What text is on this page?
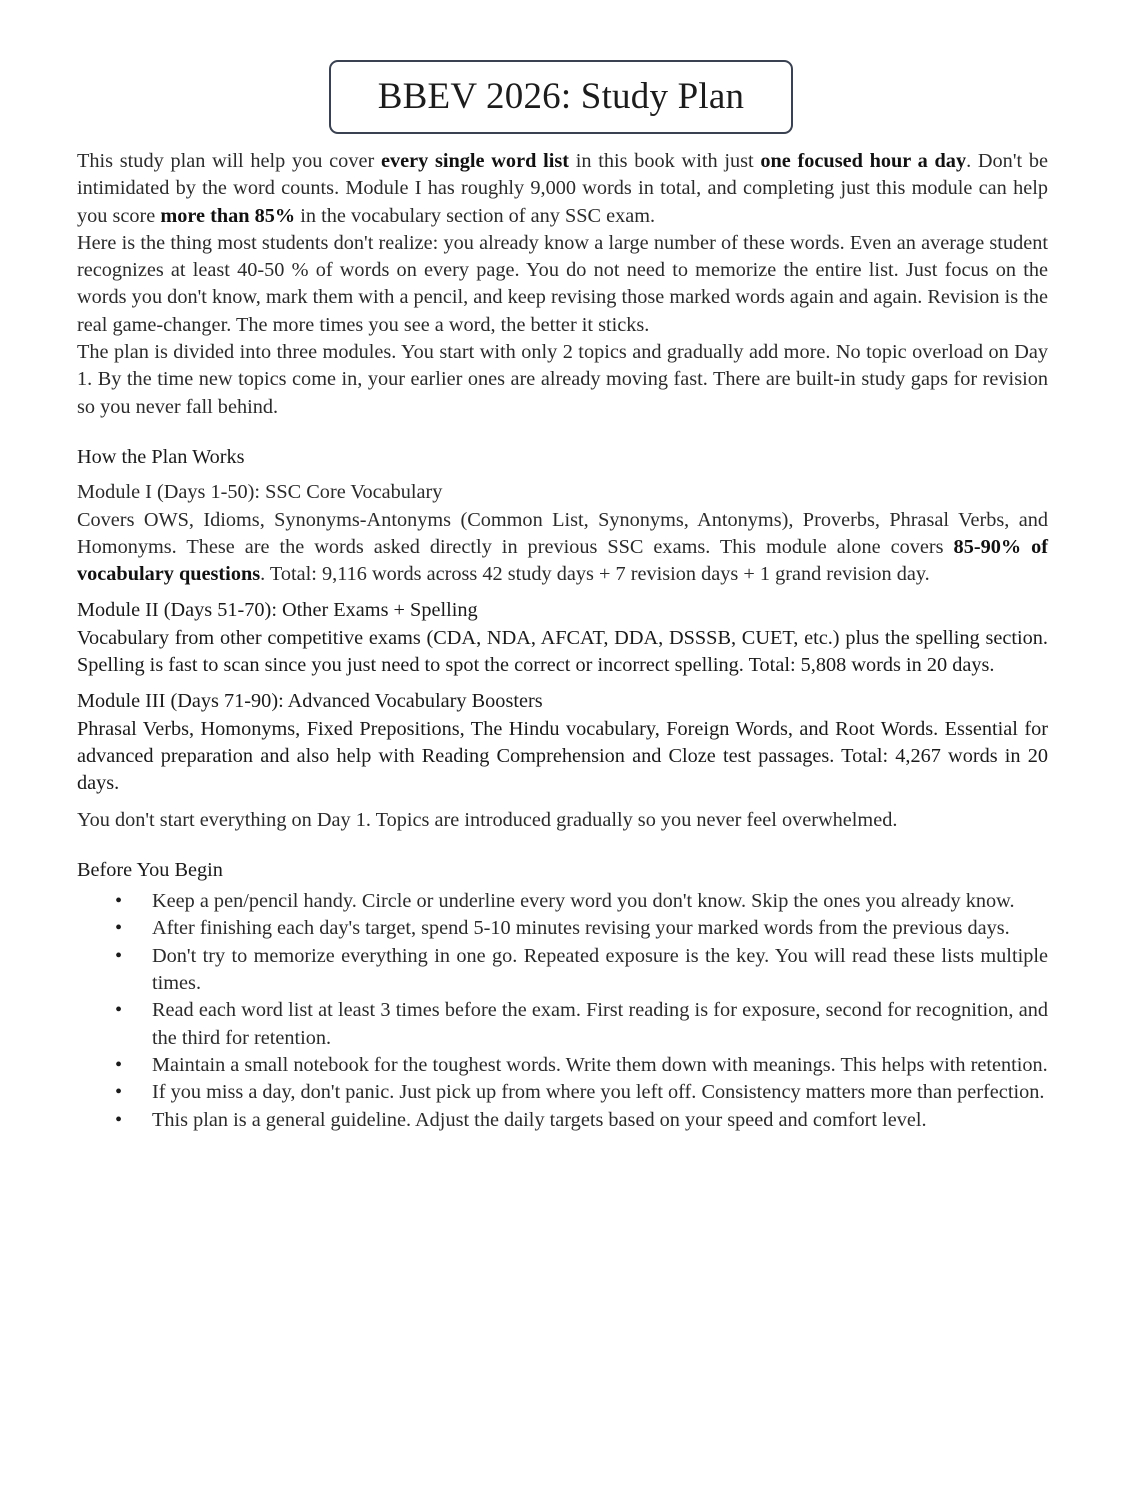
BBEV 2026: Study Plan

This study plan will help you cover every single word list in this book with just one focused hour a day. Don't be intimidated by the word counts. Module I has roughly 9,000 words in total, and completing just this module can help you score more than 85% in the vocabulary section of any SSC exam.

Here is the thing most students don't realize: you already know a large number of these words. Even an average student recognizes at least 40-50 % of words on every page. You do not need to memorize the entire list. Just focus on the words you don't know, mark them with a pencil, and keep revising those marked words again and again. Revision is the real game-changer. The more times you see a word, the better it sticks.

The plan is divided into three modules. You start with only 2 topics and gradually add more. No topic overload on Day 1. By the time new topics come in, your earlier ones are already moving fast. There are built-in study gaps for revision so you never fall behind.

How the Plan Works
Module I (Days 1-50): SSC Core Vocabulary

Covers OWS, Idioms, Synonyms-Antonyms (Common List, Synonyms, Antonyms), Proverbs, Phrasal Verbs, and Homonyms. These are the words asked directly in previous SSC exams. This module alone covers 85-90% of vocabulary questions. Total: 9,116 words across 42 study days + 7 revision days + 1 grand revision day.

Module II (Days 51-70): Other Exams + Spelling

Vocabulary from other competitive exams (CDA, NDA, AFCAT, DDA, DSSSB, CUET, etc.) plus the spelling section. Spelling is fast to scan since you just need to spot the correct or incorrect spelling. Total: 5,808 words in 20 days.

Module III (Days 71-90): Advanced Vocabulary Boosters

Phrasal Verbs, Homonyms, Fixed Prepositions, The Hindu vocabulary, Foreign Words, and Root Words. Essential for advanced preparation and also help with Reading Comprehension and Cloze test passages. Total: 4,267 words in 20 days.

You don't start everything on Day 1. Topics are introduced gradually so you never feel overwhelmed.

Before You Begin
• Keep a pen/pencil handy. Circle or underline every word you don't know. Skip the ones you already know.
• After finishing each day's target, spend 5-10 minutes revising your marked words from the previous days.
• Don't try to memorize everything in one go. Repeated exposure is the key. You will read these lists multiple times.
• Read each word list at least 3 times before the exam. First reading is for exposure, second for recognition, and the third for retention.
• Maintain a small notebook for the toughest words. Write them down with meanings. This helps with retention.
• If you miss a day, don't panic. Just pick up from where you left off. Consistency matters more than perfection.
• This plan is a general guideline. Adjust the daily targets based on your speed and comfort level.
